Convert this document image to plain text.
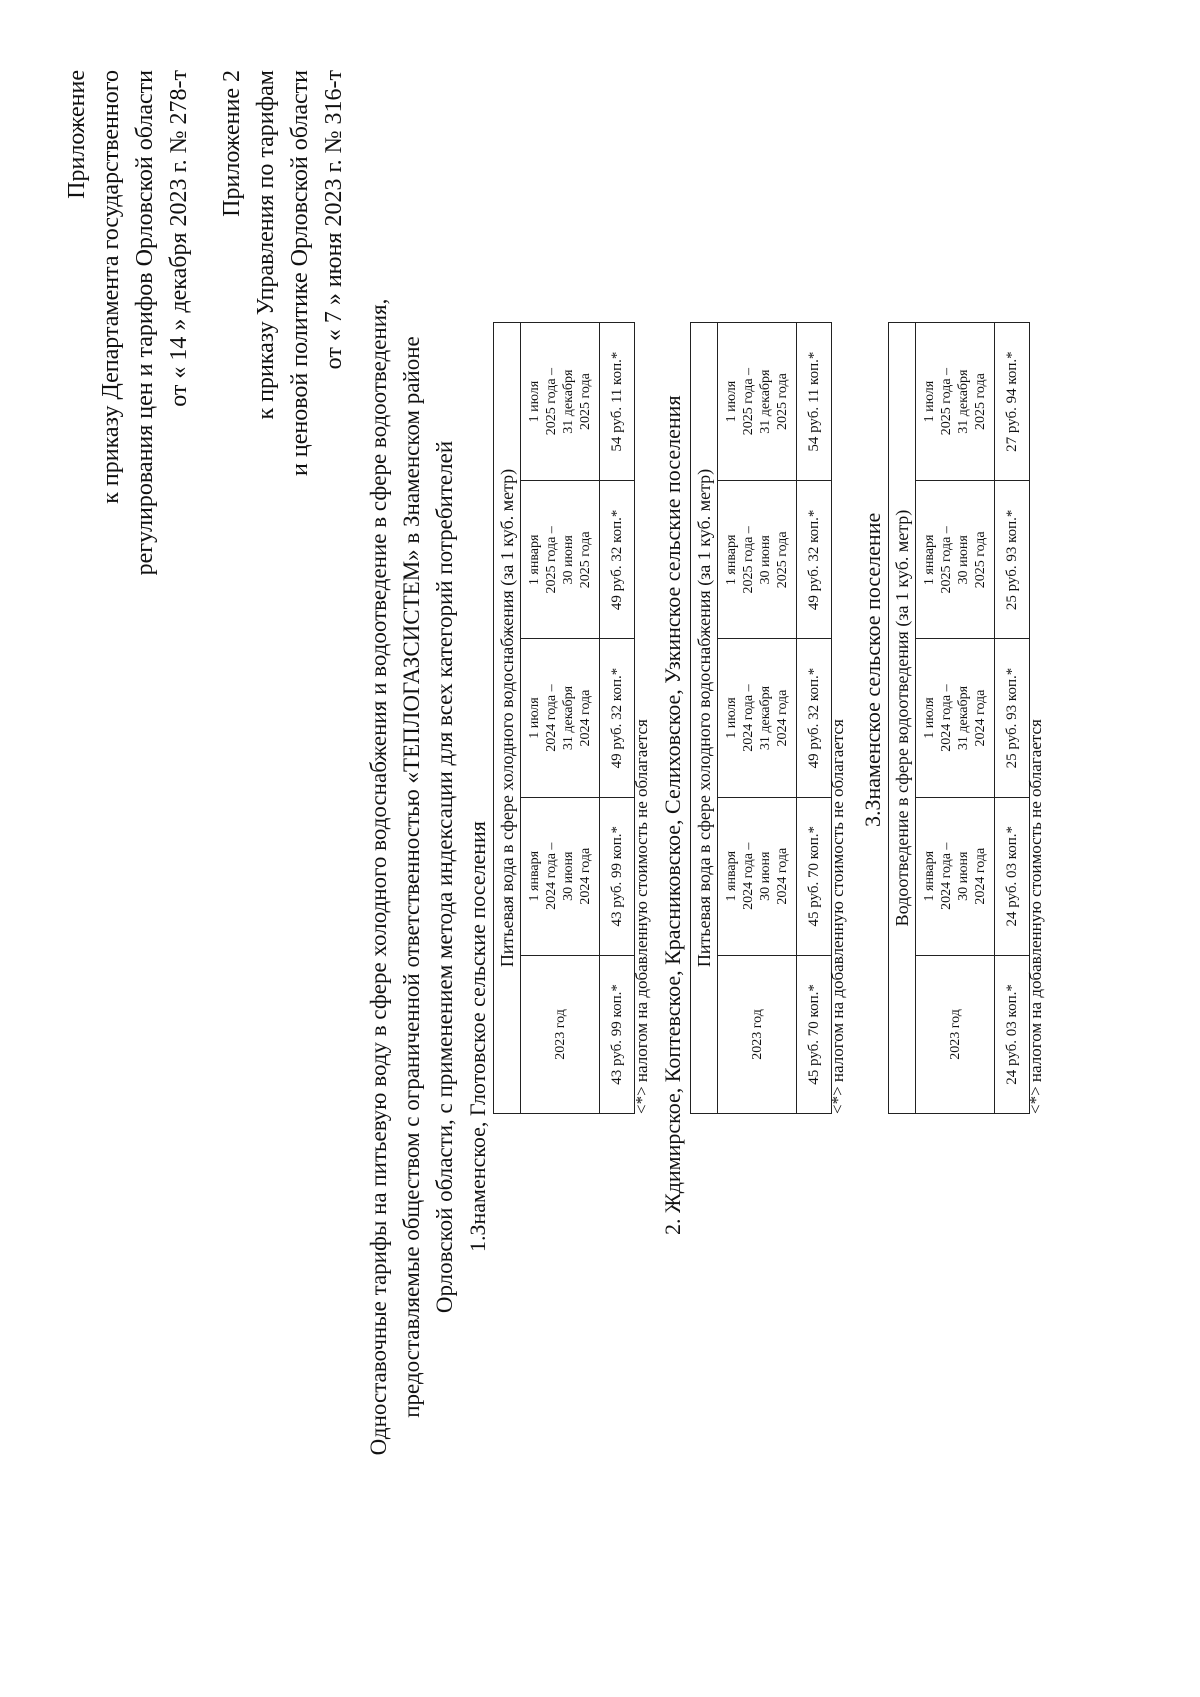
Приложение к приказу Департамента государственного регулирования цен и тарифов Орловской области от « 14 » декабря 2023 г. № 278-т Приложение 2 к приказу Управления по тарифам и ценовой политике Орловской области от « 7 » июня 2023 г. № 316-т
Одноставочные тарифы на питьевую воду в сфере холодного водоснабжения и водоотведение в сфере водоотведения, предоставляемые обществом с ограниченной ответственностью «ТЕПЛОГАЗСИСТЕМ» в Знаменском районе Орловской области, с применением метода индексации для всех категорий потребителей 1.Знаменское, Глотовское сельские поселения
Питьевая вода в сфере холодного водоснабжения (за 1 куб. метр)				
2023 год	1 января 2024 года – 30 июня 2024 года	1 июля 2024 года – 31 декабря 2024 года	1 января 2025 года – 30 июня 2025 года	1 июля 2025 года – 31 декабря 2025 года

43 руб. 99 коп.*	43 руб. 99 коп.*	49 руб. 32 коп.*	49 руб. 32 коп.*	54 руб. 11 коп.*
<*> налогом на добавленную стоимость не облагается 2. Ждимирское, Коптевское, Красниковское, Селиховское, Узкинское сельские поселения Питьевая вода в сфере холодного водоснабжения (за 1 куб. метр)				
2023 год	1 января 2024 года – 30 июня 2024 года	1 июля 2024 года – 31 декабря 2024 года	1 января 2025 года – 30 июня 2025 года	1 июля 2025 года – 31 декабря 2025 года

45 руб. 70 коп.*	45 руб. 70 коп.*	49 руб. 32 коп.*	49 руб. 32 коп.*	54 руб. 11 коп.*
<*> налогом на добавленную стоимость не облагается
3.Знаменское сельское поселение Водоотведение в сфере водоотведения (за 1 куб. метр)				
2023 год	1 января 2024 года – 30 июня 2024 года	1 июля 2024 года – 31 декабря 2024 года	1 января 2025 года – 30 июня 2025 года	1 июля 2025 года – 31 декабря 2025 года

24 руб. 03 коп.*	24 руб. 03 коп.*	25 руб. 93 коп.*	25 руб. 93 коп.*	27 руб. 94 коп.*
<*> налогом на добавленную стоимость не облагается
